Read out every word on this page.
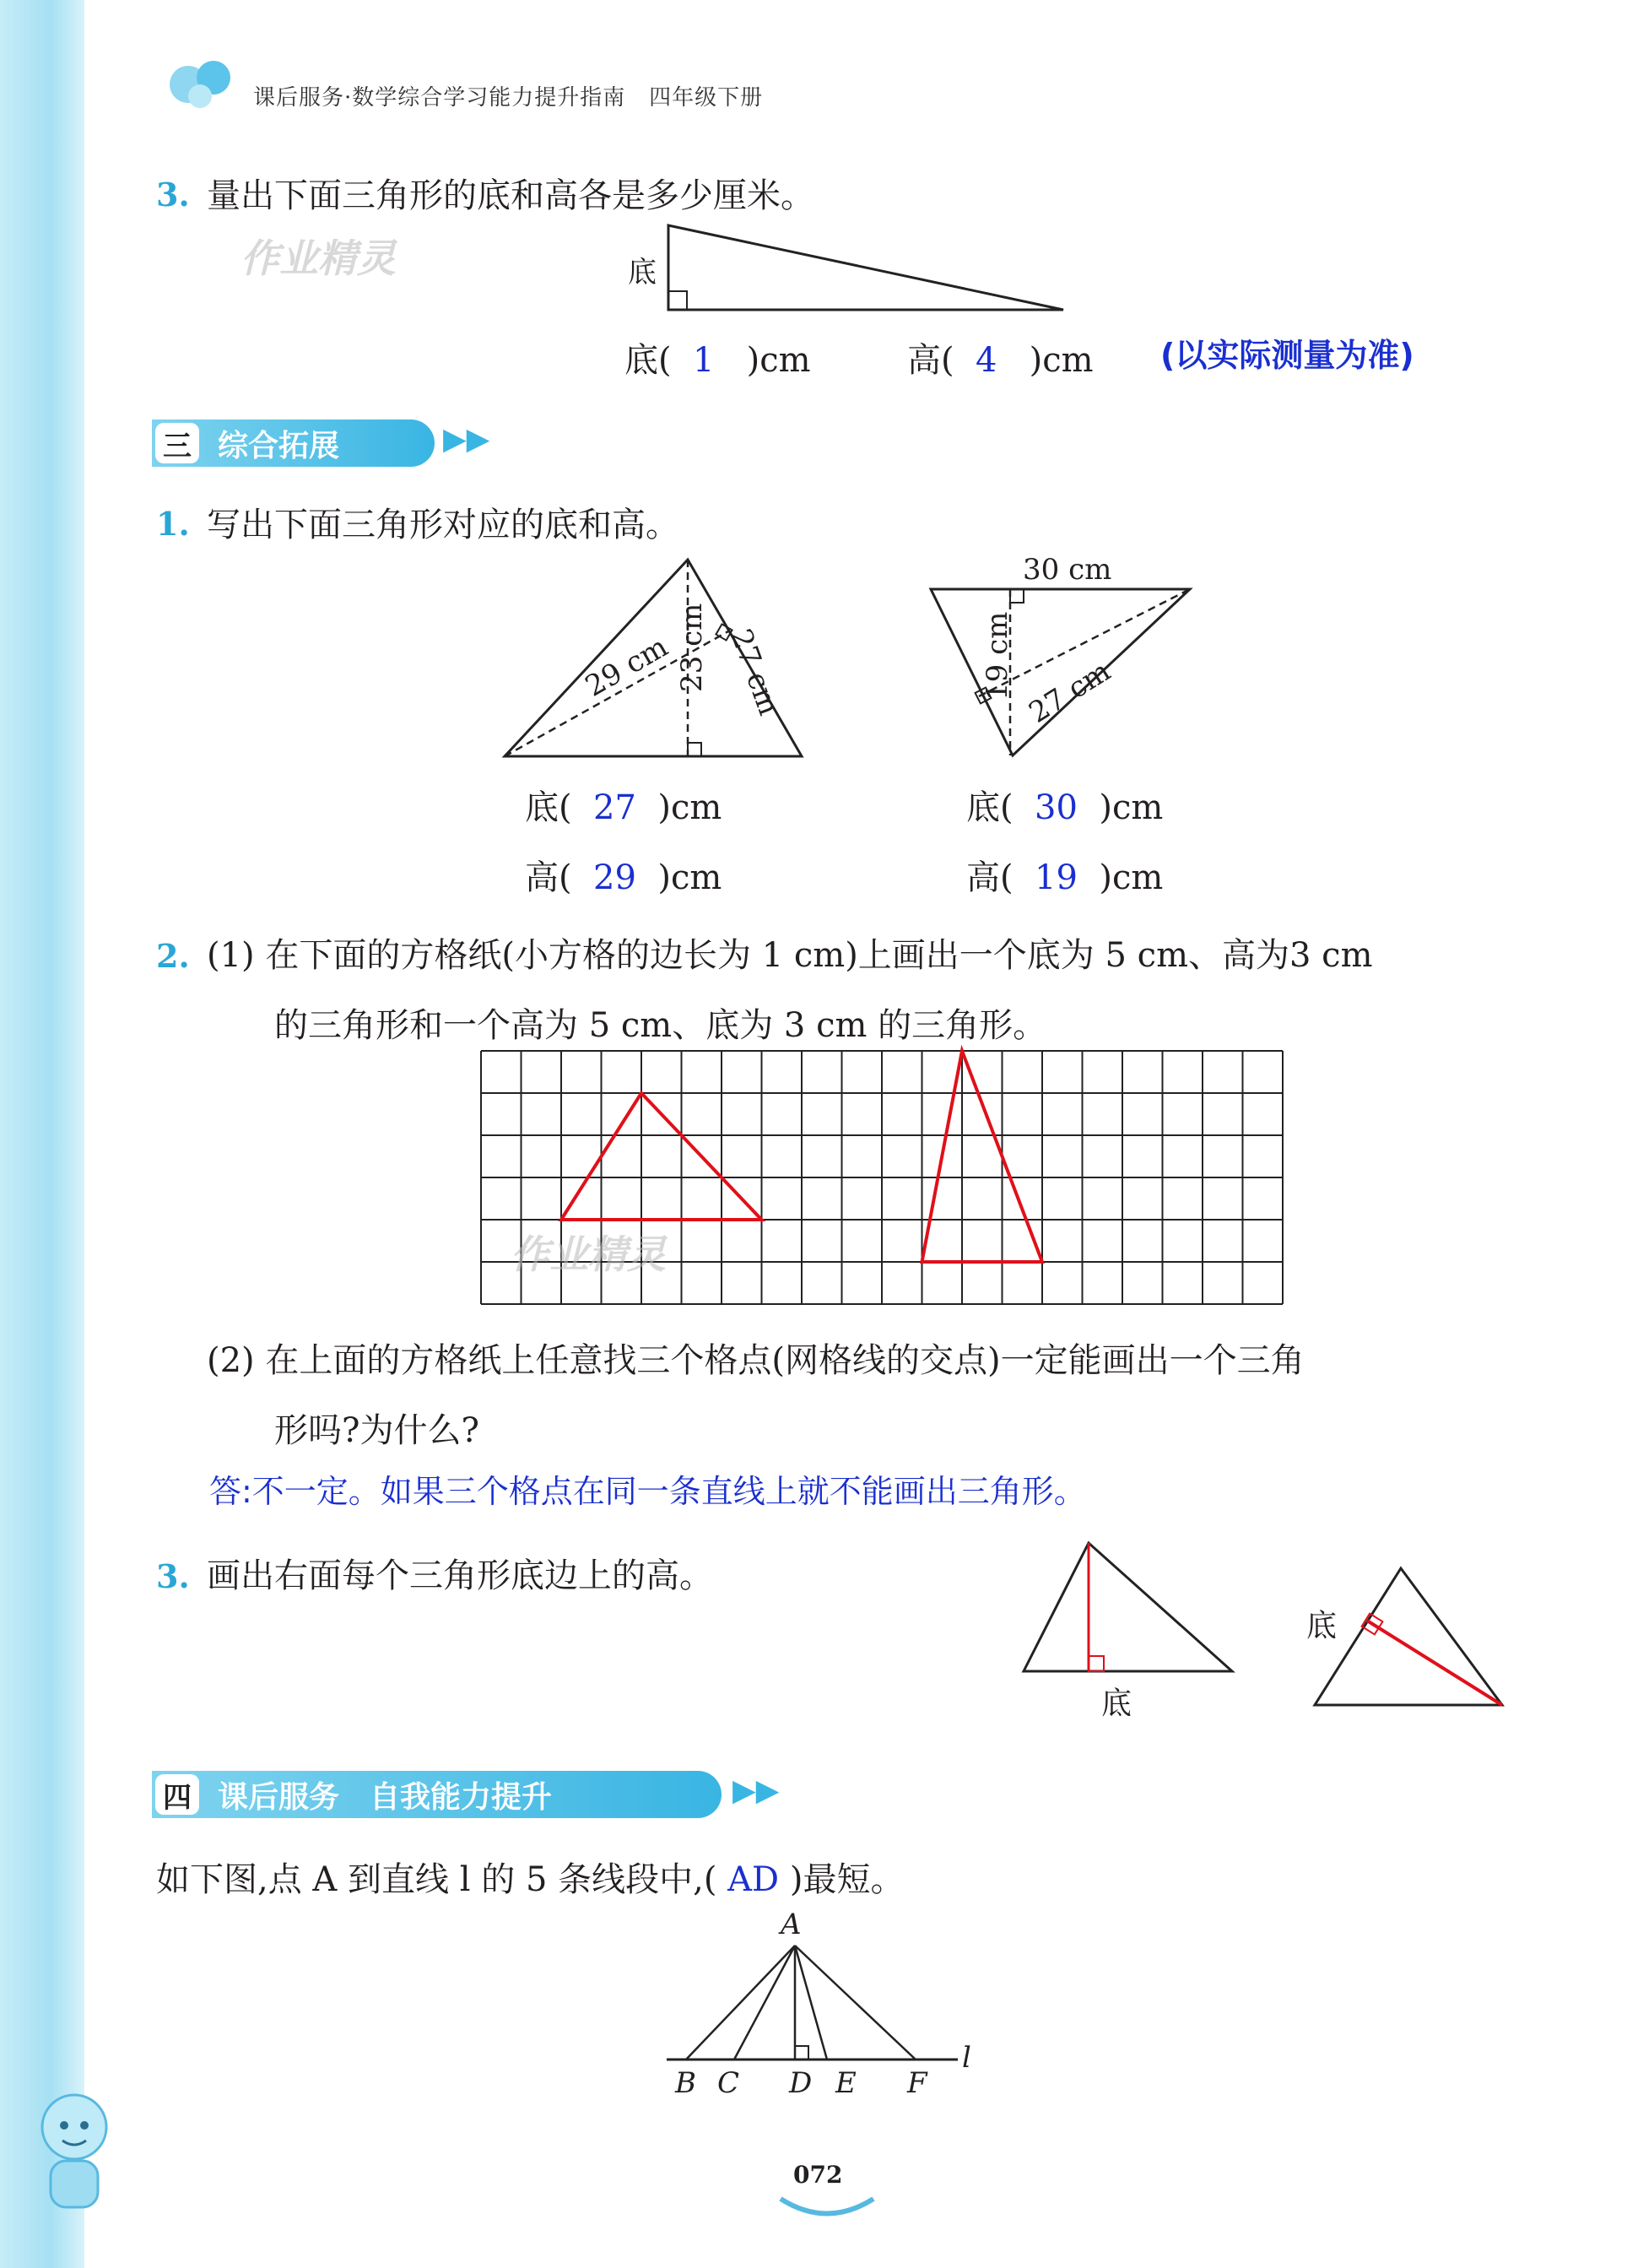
课后服务·数学综合学习能力提升指南 四年级下册
3. 量出下面三角形的底和高各是多少厘米。
作业精灵	底
底( 1 )cm	高( 4 )cm (以实际测量为准)
三 综合拓展	▶▶
1. 写出下面三角形对应的底和高。
29 cm 23 cm 27 cm
30 cm
19 cm 27 cm
底( 27 )cm
高( 29 )cm
底( 30 )cm
高( 19 )cm
2. (1) 在下面的方格纸(小方格的边长为 1 cm)上画出一个底为 5 cm、高为3 cm
的三角形和一个高为 5 cm、底为 3 cm 的三角形。
作业精灵
(2) 在上面的方格纸上任意找三个格点(网格线的交点)一定能画出一个三角
形吗?为什么?
答:不一定。如果三个格点在同一条直线上就不能画出三角形。
3. 画出右面每个三角形底边上的高。
底
底
四 课后服务　自我能力提升	▶▶
如下图,点 A 到直线 l 的 5 条线段中,( AD )最短。
A
B C D E F
l
072
